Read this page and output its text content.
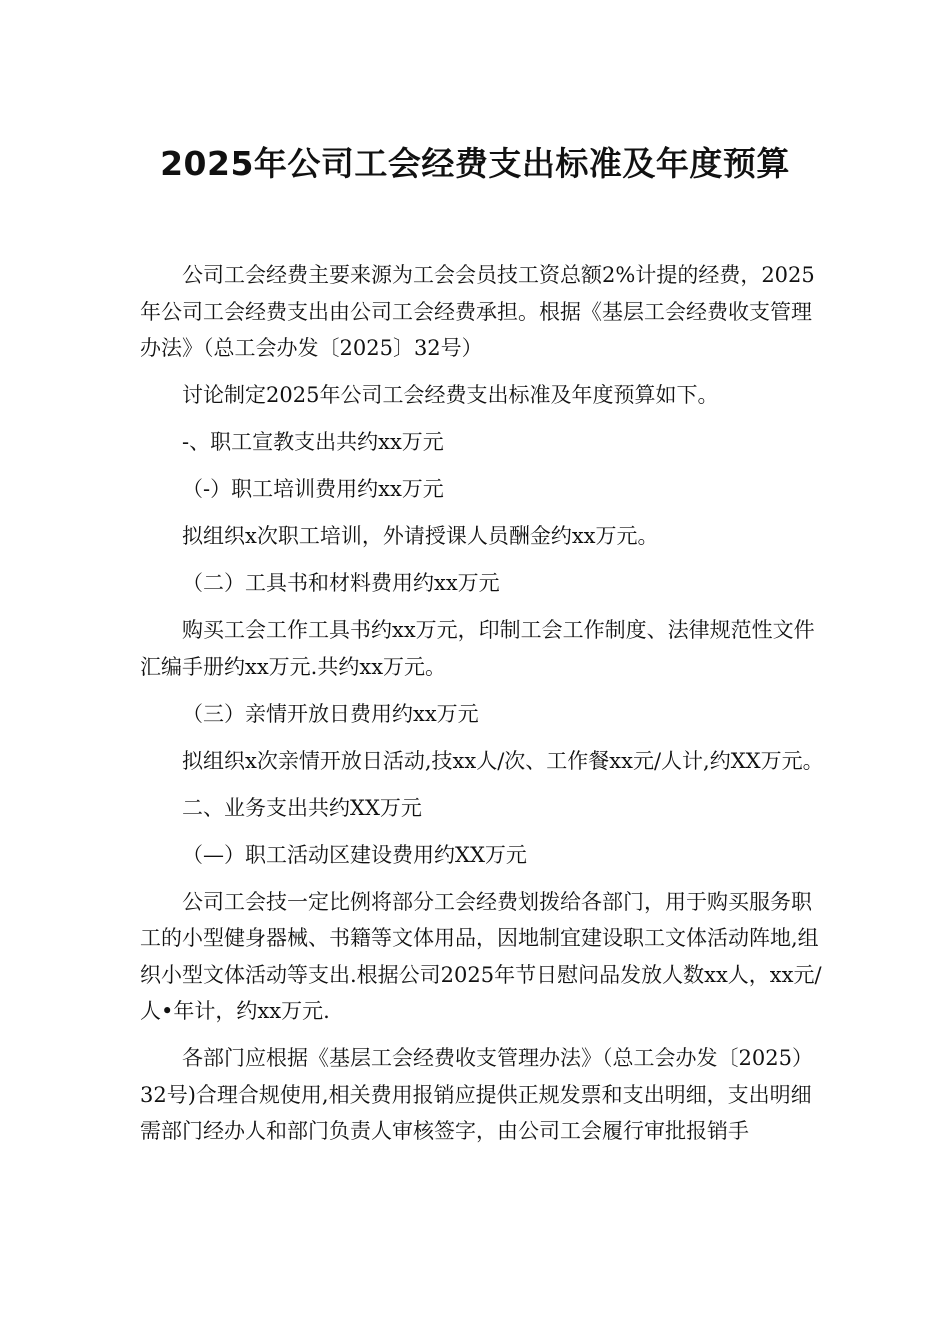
2025年公司工会经费支出标准及年度预算

公司工会经费主要来源为工会会员技工资总额2%计提的经费，2025年公司工会经费支出由公司工会经费承担。根据《基层工会经费收支管理办法》（总工会办发〔2025〕32号）

讨论制定2025年公司工会经费支出标准及年度预算如下。

-、职工宣教支出共约xx万元

（-）职工培训费用约xx万元

拟组织x次职工培训，外请授课人员酬金约xx万元。

（二）工具书和材料费用约xx万元

购买工会工作工具书约xx万元，印制工会工作制度、法律规范性文件汇编手册约xx万元.共约xx万元。

（三）亲情开放日费用约xx万元

拟组织x次亲情开放日活动,技xx人/次、工作餐xx元/人计,约XX万元。

二、业务支出共约XX万元

（—）职工活动区建设费用约XX万元

公司工会技一定比例将部分工会经费划拨给各部门，用于购买服务职工的小型健身器械、书籍等文体用品，因地制宜建设职工文体活动阵地,组织小型文体活动等支出.根据公司2025年节日慰问品发放人数xx人，xx元/人•年计，约xx万元.

各部门应根据《基层工会经费收支管理办法》（总工会办发〔2025）32号)合理合规使用,相关费用报销应提供正规发票和支出明细，支出明细需部门经办人和部门负责人审核签字，由公司工会履行审批报销手
